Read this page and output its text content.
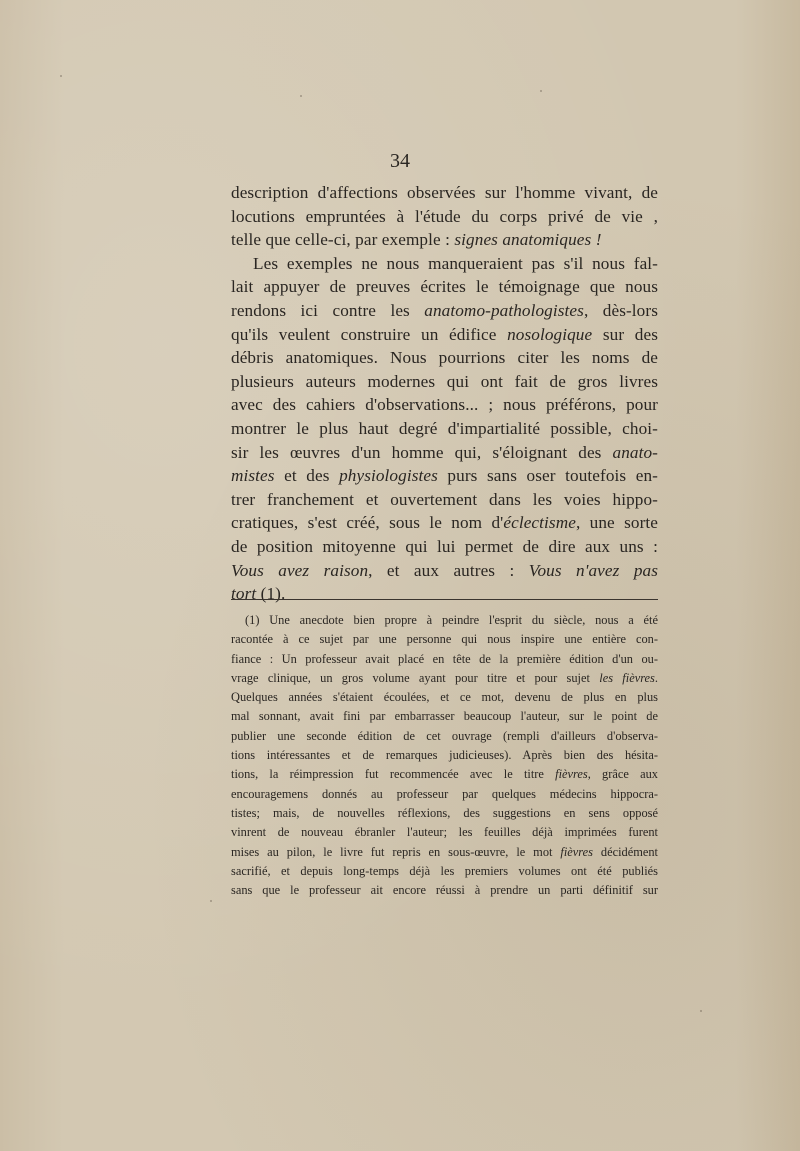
34

description d'affections observées sur l'homme vivant, de
locutions empruntées à l'étude du corps privé de vie ,
telle que celle-ci, par exemple : signes anatomiques !

Les exemples ne nous manqueraient pas s'il nous fal-
lait appuyer de preuves écrites le témoignage que nous
rendons ici contre les anatomo-pathologistes, dès-lors
qu'ils veulent construire un édifice nosologique sur des
débris anatomiques. Nous pourrions citer les noms de
plusieurs auteurs modernes qui ont fait de gros livres
avec des cahiers d'observations... ; nous préférons, pour
montrer le plus haut degré d'impartialité possible, choi-
sir les œuvres d'un homme qui, s'éloignant des anato-
mistes et des physiologistes purs sans oser toutefois en-
trer franchement et ouvertement dans les voies hippo-
cratiques, s'est créé, sous le nom d'éclectisme, une sorte
de position mitoyenne qui lui permet de dire aux uns :
Vous avez raison, et aux autres : Vous n'avez pas
tort (1).

(1) Une anecdote bien propre à peindre l'esprit du siècle, nous a été
racontée à ce sujet par une personne qui nous inspire une entière con-
fiance : Un professeur avait placé en tête de la première édition d'un ou-
vrage clinique, un gros volume ayant pour titre et pour sujet les fièvres.
Quelques années s'étaient écoulées, et ce mot, devenu de plus en plus
mal sonnant, avait fini par embarrasser beaucoup l'auteur, sur le point de
publier une seconde édition de cet ouvrage (rempli d'ailleurs d'observa-
tions intéressantes et de remarques judicieuses). Après bien des hésita-
tions, la réimpression fut recommencée avec le titre fièvres, grâce aux
encouragemens donnés au professeur par quelques médecins hippocra-
tistes; mais, de nouvelles réflexions, des suggestions en sens opposé
vinrent de nouveau ébranler l'auteur; les feuilles déjà imprimées furent
mises au pilon, le livre fut repris en sous-œuvre, le mot fièvres décidément
sacrifié, et depuis long-temps déjà les premiers volumes ont été publiés
sans que le professeur ait encore réussi à prendre un parti définitif sur
